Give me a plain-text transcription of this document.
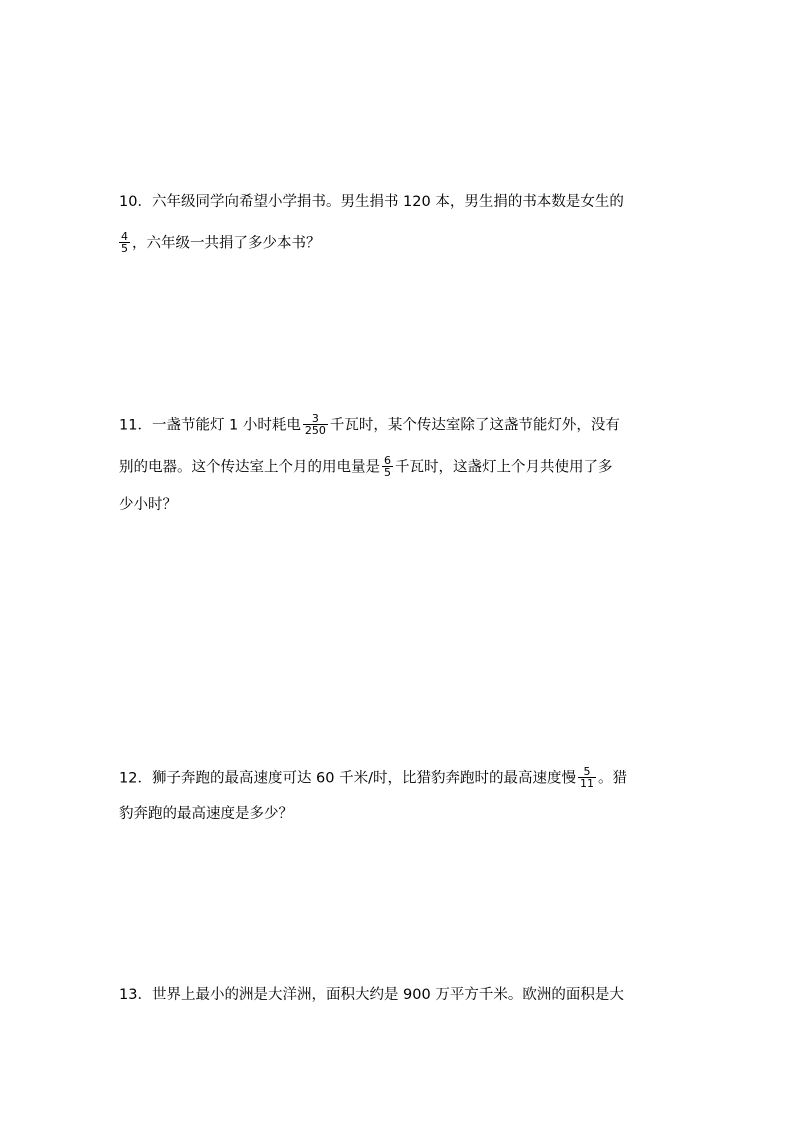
10．六年级同学向希望小学捐书。男生捐书 120 本，男生捐的书本数是女生的
$\frac{4}{5}$ ，六年级一共捐了多少本书？
11．一盏节能灯 1 小时耗电 $\frac{3}{250}$ 千瓦时，某个传达室除了这盏节能灯外，没有
别的电器。这个传达室上个月的用电量是 $\frac{6}{5}$ 千瓦时，这盏灯上个月共使用了多
少小时？
12．狮子奔跑的最高速度可达 60 千米/时，比猎豹奔跑时的最高速度慢 $\frac{5}{11}$ 。猎
豹奔跑的最高速度是多少？
13．世界上最小的洲是大洋洲，面积大约是 900 万平方千米。欧洲的面积是大
